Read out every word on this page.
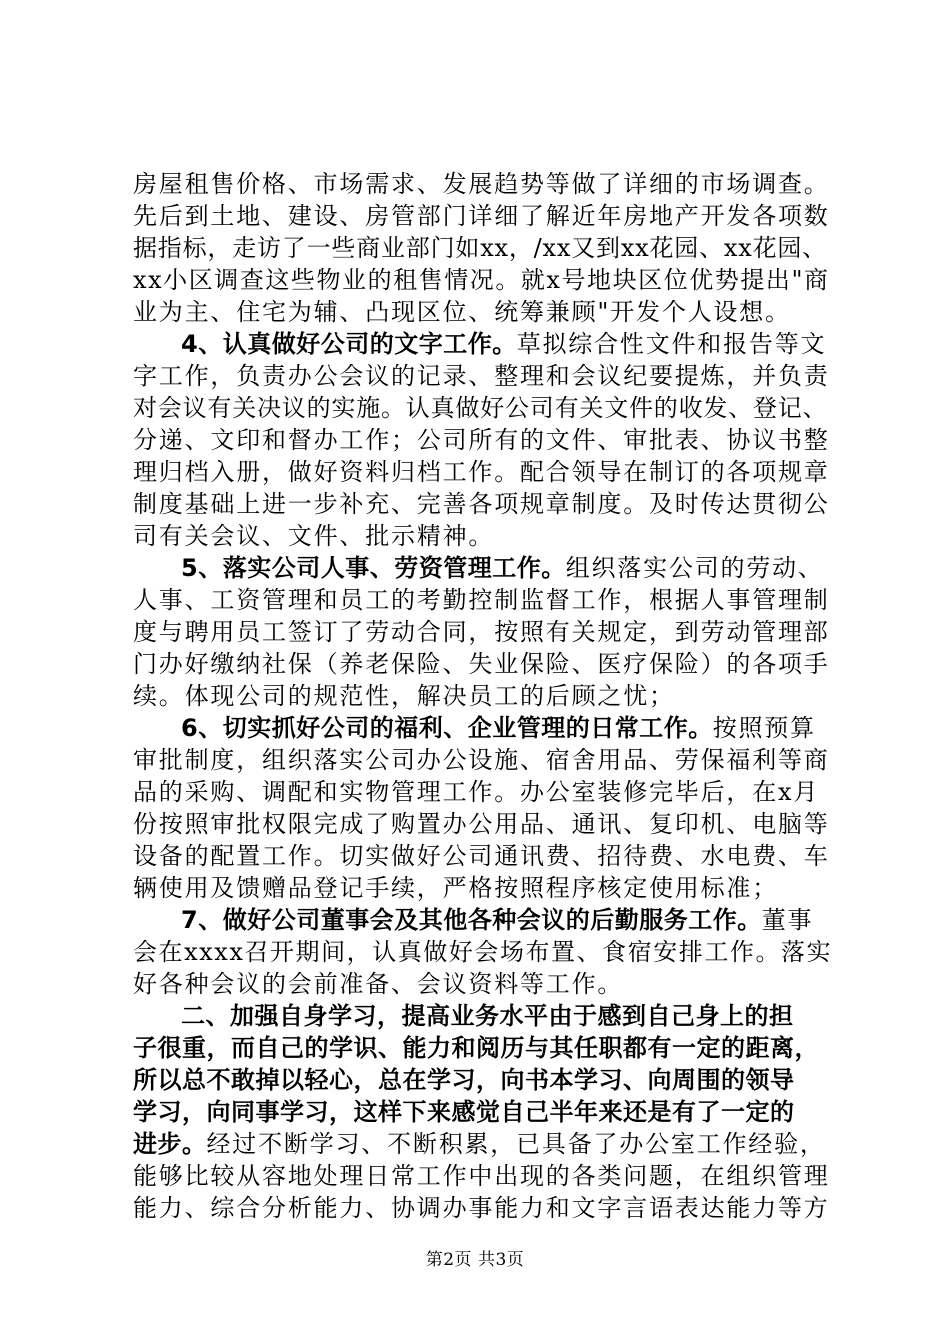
房屋租售价格、市场需求、发展趋势等做了详细的市场调查。
先后到土地、建设、房管部门详细了解近年房地产开发各项数
据指标，走访了一些商业部门如xx，/xx又到xx花园、xx花园、
xx小区调查这些物业的租售情况。就x号地块区位优势提出"商
业为主、住宅为辅、凸现区位、统筹兼顾"开发个人设想。
4、认真做好公司的文字工作。草拟综合性文件和报告等文
字工作，负责办公会议的记录、整理和会议纪要提炼，并负责
对会议有关决议的实施。认真做好公司有关文件的收发、登记、
分递、文印和督办工作；公司所有的文件、审批表、协议书整
理归档入册，做好资料归档工作。配合领导在制订的各项规章
制度基础上进一步补充、完善各项规章制度。及时传达贯彻公
司有关会议、文件、批示精神。
5、落实公司人事、劳资管理工作。组织落实公司的劳动、
人事、工资管理和员工的考勤控制监督工作，根据人事管理制
度与聘用员工签订了劳动合同，按照有关规定，到劳动管理部
门办好缴纳社保（养老保险、失业保险、医疗保险）的各项手
续。体现公司的规范性，解决员工的后顾之忧；
6、切实抓好公司的福利、企业管理的日常工作。按照预算
审批制度，组织落实公司办公设施、宿舍用品、劳保福利等商
品的采购、调配和实物管理工作。办公室装修完毕后，在x月
份按照审批权限完成了购置办公用品、通讯、复印机、电脑等
设备的配置工作。切实做好公司通讯费、招待费、水电费、车
辆使用及馈赠品登记手续，严格按照程序核定使用标准；
7、做好公司董事会及其他各种会议的后勤服务工作。董事
会在xxxx召开期间，认真做好会场布置、食宿安排工作。落实
好各种会议的会前准备、会议资料等工作。
二、加强自身学习，提高业务水平由于感到自己身上的担
子很重，而自己的学识、能力和阅历与其任职都有一定的距离，
所以总不敢掉以轻心，总在学习，向书本学习、向周围的领导
学习，向同事学习，这样下来感觉自己半年来还是有了一定的
进步。经过不断学习、不断积累，已具备了办公室工作经验，
能够比较从容地处理日常工作中出现的各类问题，在组织管理
能力、综合分析能力、协调办事能力和文字言语表达能力等方
第2页 共3页
